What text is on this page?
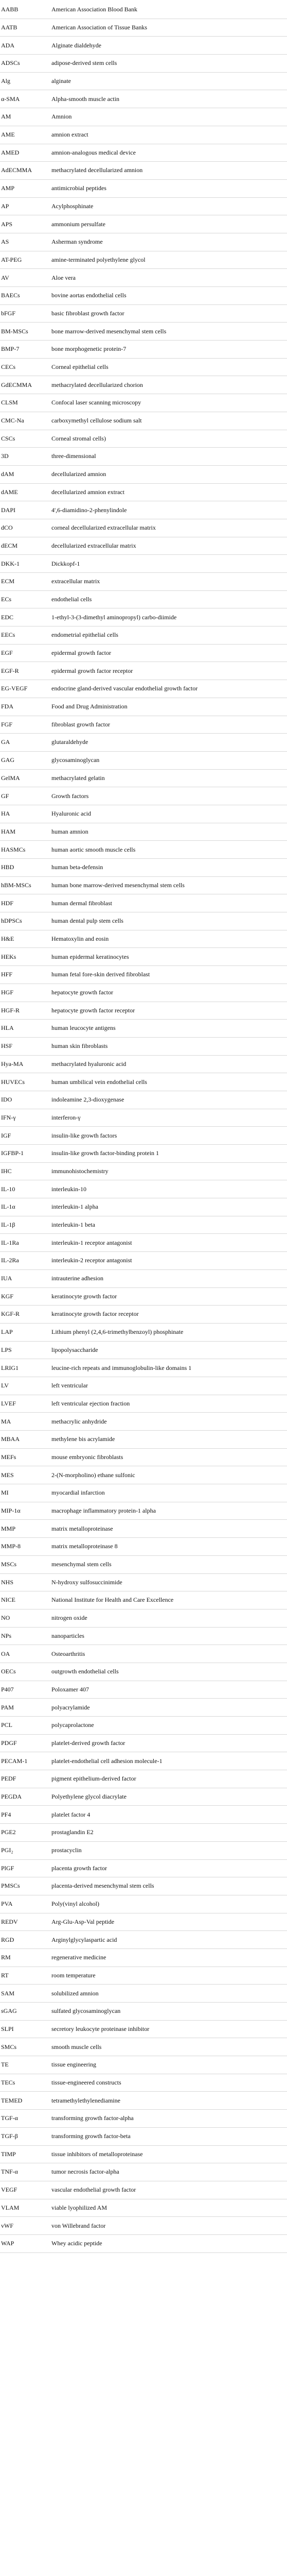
AABB	American Association Blood Bank
AATB	American Association of Tissue Banks
ADA	Alginate dialdehyde
ADSCs	adipose-derived stem cells
Alg	alginate
α-SMA	Alpha-smooth muscle actin
AM	Amnion
AME	amnion extract
AMED	amnion-analogous medical device
AdECMMA	methacrylated decellularized amnion
AMP	antimicrobial peptides
AP	Acylphosphinate
APS	ammonium persulfate
AS	Asherman syndrome
AT-PEG	amine-terminated polyethylene glycol
AV	Aloe vera
BAECs	bovine aortas endothelial cells
bFGF	basic fibroblast growth factor
BM-MSCs	bone marrow-derived mesenchymal stem cells
BMP-7	bone morphogenetic protein-7
CECs	Corneal epithelial cells
GdECMMA	methacrylated decellularized chorion
CLSM	Confocal laser scanning microscopy
CMC-Na	carboxymethyl cellulose sodium salt
CSCs	Corneal stromal cells)
3D	three-dimensional
dAM	decellularized amnion
dAME	decellularized amnion extract
DAPI	4',6-diamidino-2-phenylindole
dCO	corneal decellularized extracellular matrix
dECM	decellularized extracellular matrix
DKK-1	Dickkopf-1
ECM	extracellular matrix
ECs	endothelial cells
EDC	1-ethyl-3-(3-dimethyl aminopropyl) carbo-diimide
EECs	endometrial epithelial cells
EGF	epidermal growth factor
EGF-R	epidermal growth factor receptor
EG-VEGF	endocrine gland-derived vascular endothelial growth factor
FDA	Food and Drug Administration
FGF	fibroblast growth factor
GA	glutaraldehyde
GAG	glycosaminoglycan
GelMA	methacrylated gelatin
GF	Growth factors
HA	Hyaluronic acid
HAM	human amnion
HASMCs	human aortic smooth muscle cells
HBD	human beta-defensin
hBM-MSCs	human bone marrow-derived mesenchymal stem cells
HDF	human dermal fibroblast
hDPSCs	human dental pulp stem cells
H&E	Hematoxylin and eosin
HEKs	human epidermal keratinocytes
HFF	human fetal fore-skin derived fibroblast
HGF	hepatocyte growth factor
HGF-R	hepatocyte growth factor receptor
HLA	human leucocyte antigens
HSF	human skin fibroblasts
Hya-MA	methacrylated hyaluronic acid
HUVECs	human umbilical vein endothelial cells
IDO	indoleamine 2,3-dioxygenase
IFN-γ	interferon-γ
IGF	insulin-like growth factors
IGFBP-1	insulin-like growth factor-binding protein 1
IHC	immunohistochemistry
IL-10	interleukin-10
IL-1α	interleukin-1 alpha
IL-1β	interleukin-1 beta
IL-1Ra	interleukin-1 receptor antagonist
IL-2Ra	interleukin-2 receptor antagonist
IUA	intrauterine adhesion
KGF	keratinocyte growth factor
KGF-R	keratinocyte growth factor receptor
LAP	Lithium phenyl (2,4,6-trimethylbenzoyl) phosphinate
LPS	lipopolysaccharide
LRIG1	leucine-rich repeats and immunoglobulin-like domains 1
LV	left ventricular
LVEF	left ventricular ejection fraction
MA	methacrylic anhydride
MBAA	methylene bis acrylamide
MEFs	mouse embryonic fibroblasts
MES	2-(N-morpholino) ethane sulfonic
MI	myocardial infarction
MIP-1α	macrophage inflammatory protein-1 alpha
MMP	matrix metalloproteinase
MMP-8	matrix metalloproteinase 8
MSCs	mesenchymal stem cells
NHS	N-hydroxy sulfosuccinimide
NICE	National Institute for Health and Care Excellence
NO	nitrogen oxide
NPs	nanoparticles
OA	Osteoarthritis
OECs	outgrowth endothelial cells
P407	Poloxamer 407
PAM	polyacrylamide
PCL	polycaprolactone
PDGF	platelet-derived growth factor
PECAM-1	platelet-endothelial cell adhesion molecule-1
PEDF	pigment epithelium-derived factor
PEGDA	Polyethylene glycol diacrylate
PF4	platelet factor 4
PGE2	prostaglandin E2
PGI₂	prostacyclin
PlGF	placenta growth factor
PMSCs	placenta-derived mesenchymal stem cells
PVA	Poly(vinyl alcohol)
REDV	Arg-Glu-Asp-Val peptide
RGD	Arginylglycylaspartic acid
RM	regenerative medicine
RT	room temperature
SAM	solubilized amnion
sGAG	sulfated glycosaminoglycan
SLPI	secretory leukocyte proteinase inhibitor
SMCs	smooth muscle cells
TE	tissue engineering
TECs	tissue-engineered constructs
TEMED	tetramethylethylenediamine
TGF-α	transforming growth factor-alpha
TGF-β	transforming growth factor-beta
TIMP	tissue inhibitors of metalloproteinase
TNF-α	tumor necrosis factor-alpha
VEGF	vascular endothelial growth factor
VLAM	viable lyophilized AM
vWF	von Willebrand factor
WAP	Whey acidic peptide
